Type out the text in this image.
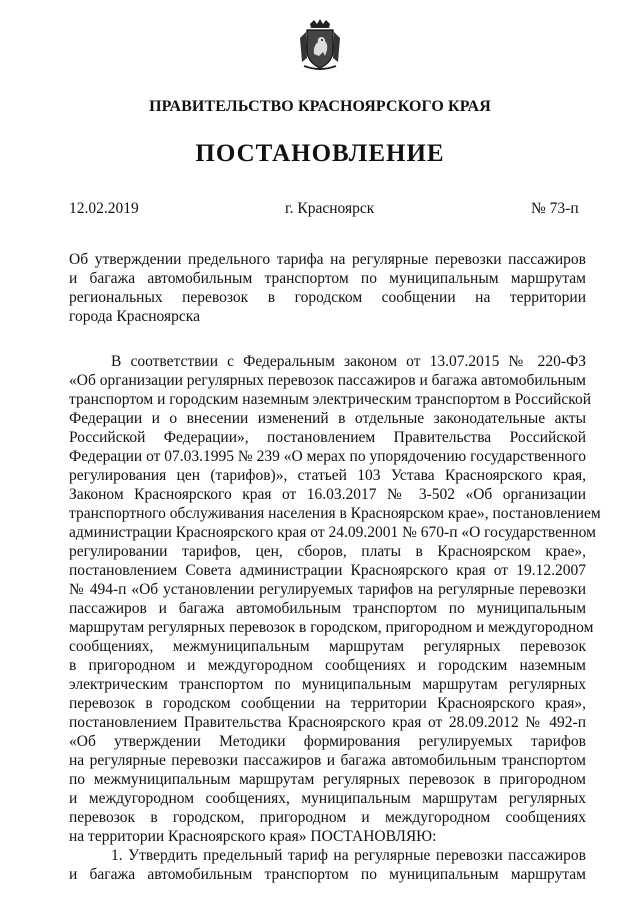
ПРАВИТЕЛЬСТВО КРАСНОЯРСКОГО КРАЯ
ПОСТАНОВЛЕНИЕ
12.02.2019	г. Красноярск	№ 73-п
Об утверждении предельного тарифа на регулярные перевозки пассажиров
и багажа автомобильным транспортом по муниципальным маршрутам
региональных перевозок в городском сообщении на территории
города Красноярска
В соответствии с Федеральным законом от 13.07.2015 № 220-ФЗ
«Об организации регулярных перевозок пассажиров и багажа автомобильным
транспортом и городским наземным электрическим транспортом в Российской
Федерации и о внесении изменений в отдельные законодательные акты
Российской Федерации», постановлением Правительства Российской
Федерации от 07.03.1995 № 239 «О мерах по упорядочению государственного
регулирования цен (тарифов)», статьей 103 Устава Красноярского края,
Законом Красноярского края от 16.03.2017 № 3-502 «Об организации
транспортного обслуживания населения в Красноярском крае», постановлением
администрации Красноярского края от 24.09.2001 № 670-п «О государственном
регулировании тарифов, цен, сборов, платы в Красноярском крае»,
постановлением Совета администрации Красноярского края от 19.12.2007
№ 494-п «Об установлении регулируемых тарифов на регулярные перевозки
пассажиров и багажа автомобильным транспортом по муниципальным
маршрутам регулярных перевозок в городском, пригородном и междугородном
сообщениях, межмуниципальным маршрутам регулярных перевозок
в пригородном и междугородном сообщениях и городским наземным
электрическим транспортом по муниципальным маршрутам регулярных
перевозок в городском сообщении на территории Красноярского края»,
постановлением Правительства Красноярского края от 28.09.2012 № 492-п
«Об утверждении Методики формирования регулируемых тарифов
на регулярные перевозки пассажиров и багажа автомобильным транспортом
по межмуниципальным маршрутам регулярных перевозок в пригородном
и междугородном сообщениях, муниципальным маршрутам регулярных
перевозок в городском, пригородном и междугородном сообщениях
на территории Красноярского края» ПОСТАНОВЛЯЮ:
1. Утвердить предельный тариф на регулярные перевозки пассажиров
и багажа автомобильным транспортом по муниципальным маршрутам
